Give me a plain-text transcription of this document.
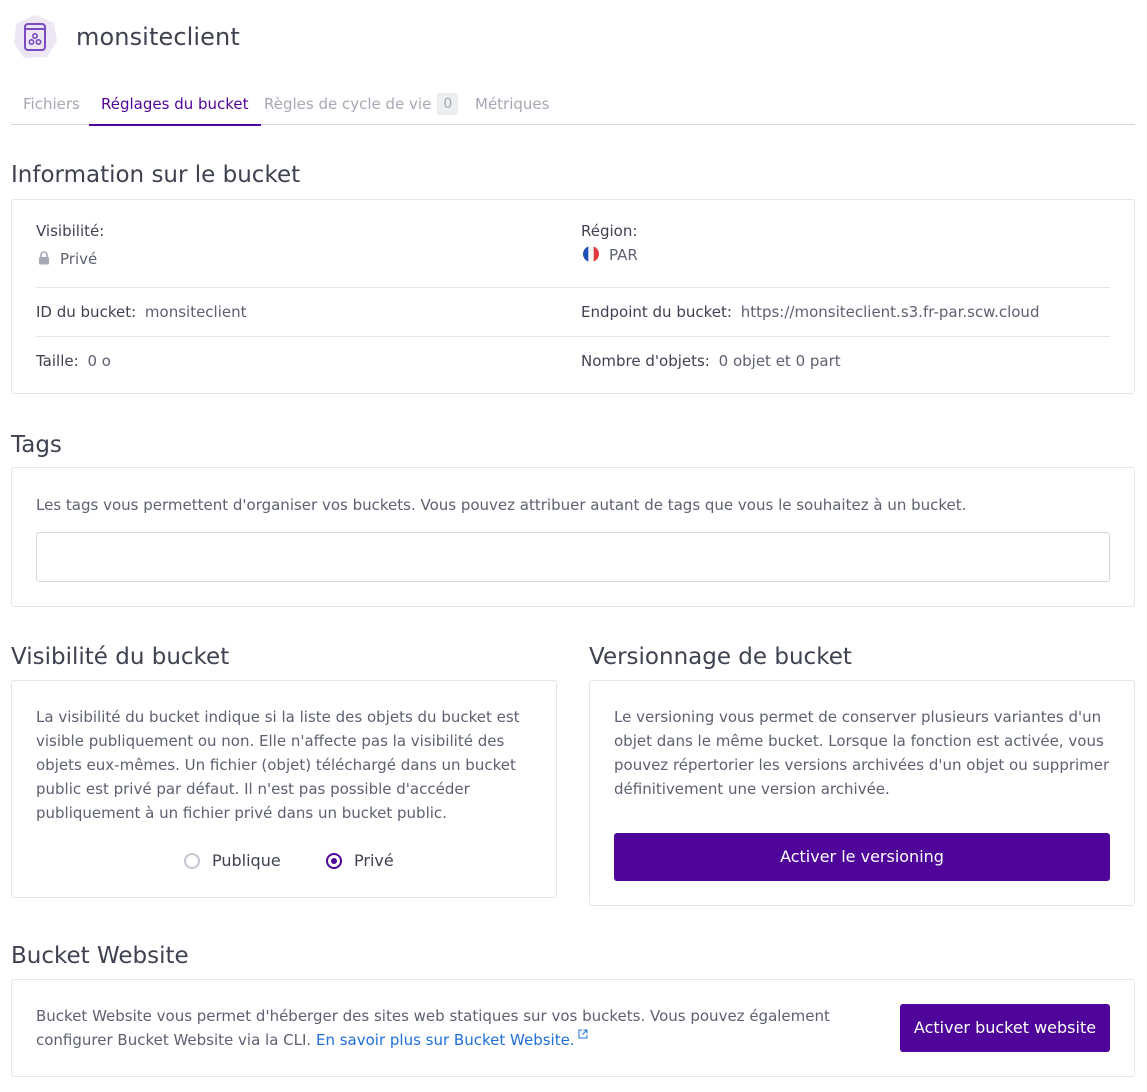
monsiteclient
Fichiers	Réglages du bucket	Règles de cycle de vie 0	Métriques
Information sur le bucket
Visibilité:
Privé
Région:
PAR
ID du bucket: monsiteclient	Endpoint du bucket: https://monsiteclient.s3.fr-par.scw.cloud
Taille: 0 o	Nombre d'objets: 0 objet et 0 part
Tags
Les tags vous permettent d'organiser vos buckets. Vous pouvez attribuer autant de tags que vous le souhaitez à un bucket.
Visibilité du bucket
La visibilité du bucket indique si la liste des objets du bucket est visible publiquement ou non. Elle n'affecte pas la visibilité des objets eux-mêmes. Un fichier (objet) téléchargé dans un bucket public est privé par défaut. Il n'est pas possible d'accéder publiquement à un fichier privé dans un bucket public.
Publique	Privé
Versionnage de bucket
Le versioning vous permet de conserver plusieurs variantes d'un objet dans le même bucket. Lorsque la fonction est activée, vous pouvez répertorier les versions archivées d'un objet ou supprimer définitivement une version archivée.
Activer le versioning
Bucket Website
Bucket Website vous permet d'héberger des sites web statiques sur vos buckets. Vous pouvez également configurer Bucket Website via la CLI. En savoir plus sur Bucket Website.
Activer bucket website
